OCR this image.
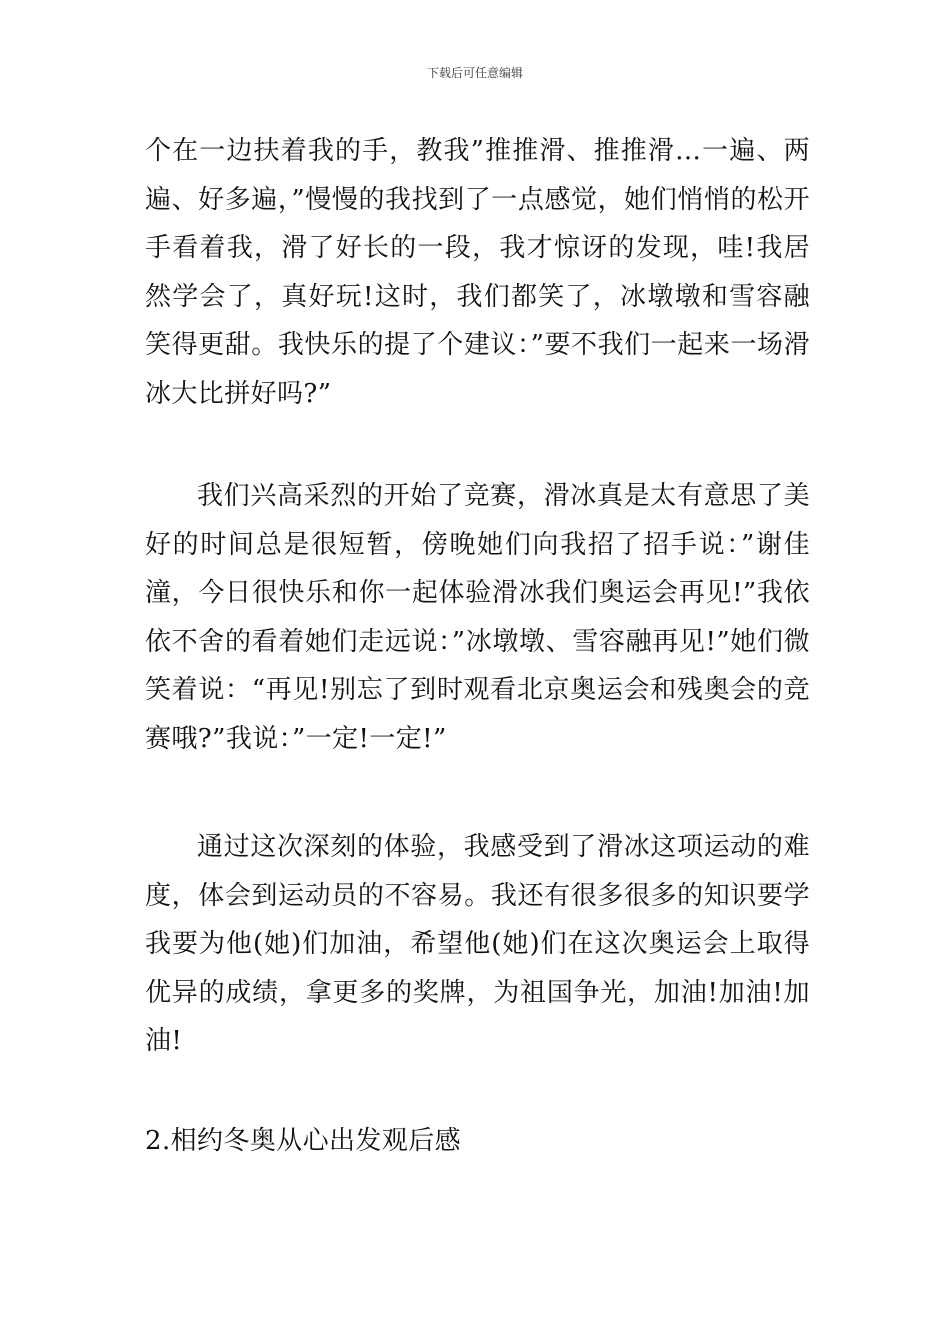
下载后可任意编辑

个在一边扶着我的手，教我”推推滑、推推滑…一遍、两遍、好多遍，”慢慢的我找到了一点感觉，她们悄悄的松开手看着我，滑了好长的一段，我才惊讶的发现，哇!我居然学会了，真好玩!这时，我们都笑了，冰墩墩和雪容融笑得更甜。我快乐的提了个建议：”要不我们一起来一场滑冰大比拼好吗?”

我们兴高采烈的开始了竞赛，滑冰真是太有意思了美好的时间总是很短暂，傍晚她们向我招了招手说：”谢佳潼，今日很快乐和你一起体验滑冰我们奥运会再见!”我依依不舍的看着她们走远说：”冰墩墩、雪容融再见!”她们微笑着说：“再见!别忘了到时观看北京奥运会和残奥会的竞赛哦?”我说：”一定!一定!”

通过这次深刻的体验，我感受到了滑冰这项运动的难度，体会到运动员的不容易。我还有很多很多的知识要学我要为他(她)们加油，希望他(她)们在这次奥运会上取得优异的成绩，拿更多的奖牌，为祖国争光，加油!加油!加油!

2.相约冬奥从心出发观后感
